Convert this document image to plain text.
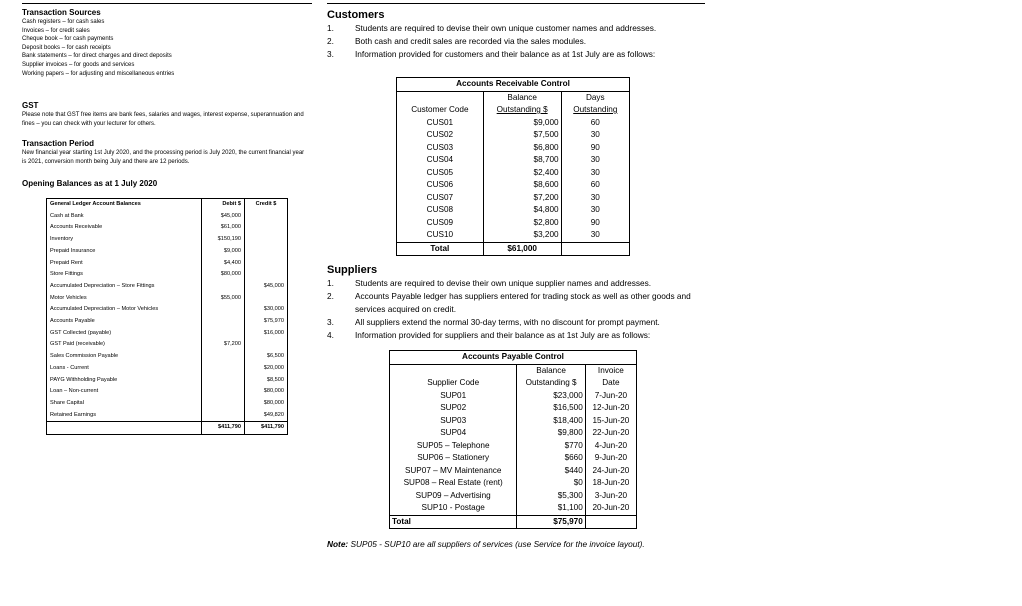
Transaction Sources
Cash registers – for cash sales
Invoices – for credit sales
Cheque book – for cash payments
Deposit books – for cash receipts
Bank statements – for direct charges and direct deposits
Supplier invoices – for goods and services
Working papers – for adjusting and miscellaneous entries
GST
Please note that GST free items are bank fees, salaries and wages, interest expense, superannuation and fines – you can check with your lecturer for others.
Transaction Period
New financial year starting 1st July 2020, and the processing period is July 2020, the current financial year is 2021, conversion month being July and there are 12 periods.
Opening Balances as at 1 July 2020
General Ledger Account Balances	Debit $	Credit $
Cash at Bank	$45,000	
Accounts Receivable	$61,000	
Inventory	$150,190	
Prepaid Insurance	$9,000	
Prepaid Rent	$4,400	
Store Fittings	$80,000	
Accumulated Depreciation – Store Fittings		$45,000
Motor Vehicles	$55,000	
Accumulated Depreciation – Motor Vehicles		$30,000
Accounts Payable		$75,970
GST Collected (payable)		$16,000
GST Paid (receivable)	$7,200	
Sales Commission Payable		$6,500
Loans - Current		$20,000
PAYG Withholding Payable		$8,500
Loan – Non-current		$80,000
Share Capital		$80,000
Retained Earnings		$49,820
	$411,790	$411,790
Customers
1.	Students are required to devise their own unique customer names and addresses.
2.	Both cash and credit sales are recorded via the sales modules.
3.	Information provided for customers and their balance as at 1st July are as follows:
Accounts Receivable Control		
	Balance	Days
Customer Code	Outstanding $	Outstanding
CUS01	$9,000	60
CUS02	$7,500	30
CUS03	$6,800	90
CUS04	$8,700	30
CUS05	$2,400	30
CUS06	$8,600	60
CUS07	$7,200	30
CUS08	$4,800	30
CUS09	$2,800	90
CUS10	$3,200	30
Total	$61,000	
Suppliers
1.	Students are required to devise their own unique supplier names and addresses.
2.	Accounts Payable ledger has suppliers entered for trading stock as well as other goods and services acquired on credit.
3.	All suppliers extend the normal 30-day terms, with no discount for prompt payment.
4.	Information provided for suppliers and their balance as at 1st July are as follows:
Accounts Payable Control		
	Balance	Invoice
Supplier Code	Outstanding $	Date
SUP01	$23,000	7-Jun-20
SUP02	$16,500	12-Jun-20
SUP03	$18,400	15-Jun-20
SUP04	$9,800	22-Jun-20
SUP05 – Telephone	$770	4-Jun-20
SUP06 – Stationery	$660	9-Jun-20
SUP07 – MV Maintenance	$440	24-Jun-20
SUP08 – Real Estate (rent)	$0	18-Jun-20
SUP09 – Advertising	$5,300	3-Jun-20
SUP10 - Postage	$1,100	20-Jun-20
Total	$75,970	
Note: SUP05 - SUP10 are all suppliers of services (use Service for the invoice layout).
